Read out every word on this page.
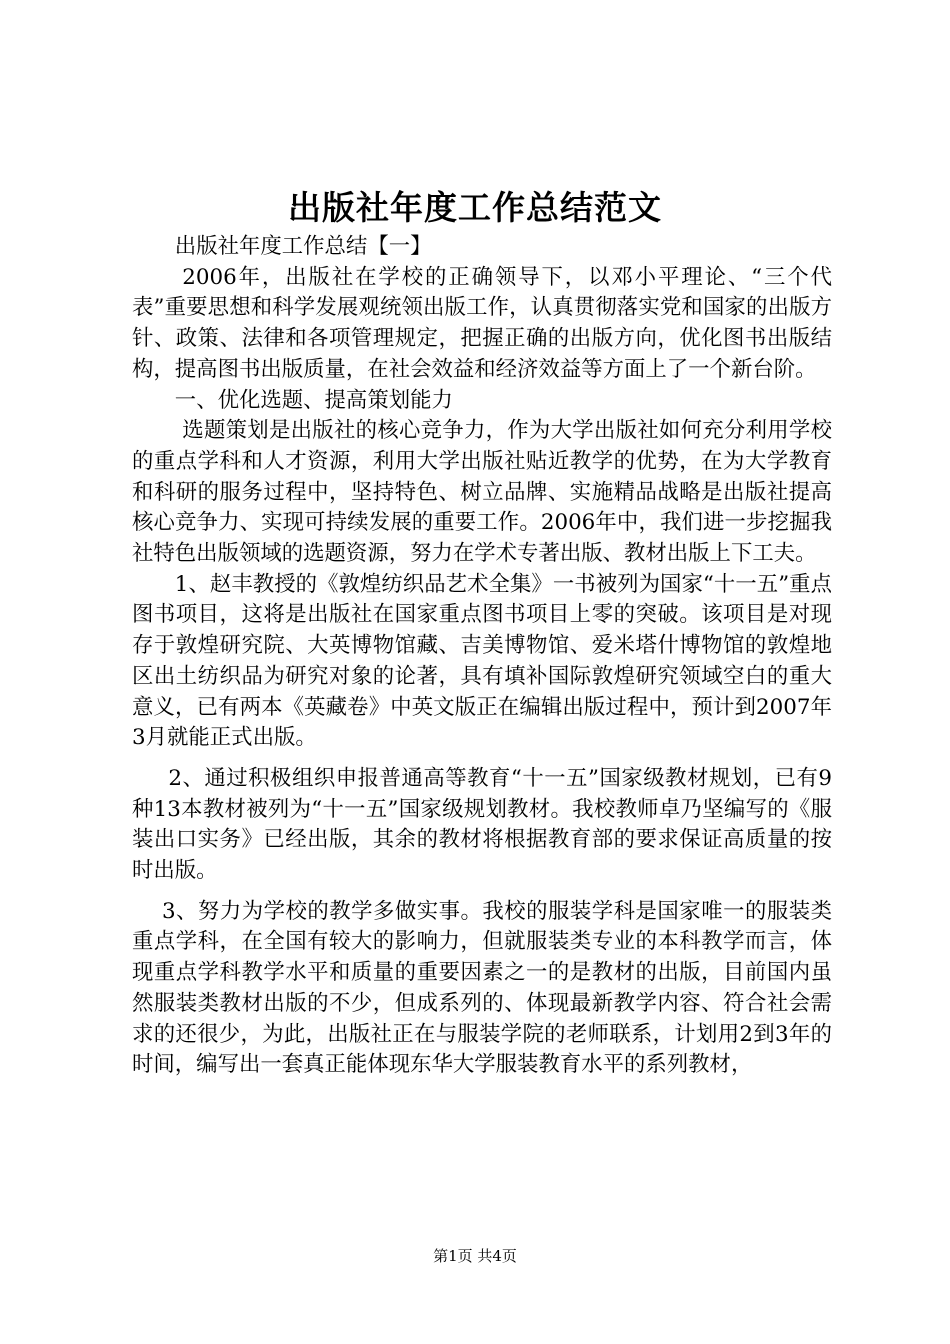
出版社年度工作总结范文

出版社年度工作总结【一】

2006年，出版社在学校的正确领导下，以邓小平理论、“三个代表”重要思想和科学发展观统领出版工作，认真贯彻落实党和国家的出版方针、政策、法律和各项管理规定，把握正确的出版方向，优化图书出版结构，提高图书出版质量，在社会效益和经济效益等方面上了一个新台阶。

一、优化选题、提高策划能力

选题策划是出版社的核心竞争力，作为大学出版社如何充分利用学校的重点学科和人才资源，利用大学出版社贴近教学的优势，在为大学教育和科研的服务过程中，坚持特色、树立品牌、实施精品战略是出版社提高核心竞争力、实现可持续发展的重要工作。2006年中，我们进一步挖掘我社特色出版领域的选题资源，努力在学术专著出版、教材出版上下工夫。

1、赵丰教授的《敦煌纺织品艺术全集》一书被列为国家“十一五”重点图书项目，这将是出版社在国家重点图书项目上零的突破。该项目是对现存于敦煌研究院、大英博物馆藏、吉美博物馆、爱米塔什博物馆的敦煌地区出土纺织品为研究对象的论著，具有填补国际敦煌研究领域空白的重大意义，已有两本《英藏卷》中英文版正在编辑出版过程中，预计到2007年3月就能正式出版。

2、通过积极组织申报普通高等教育“十一五”国家级教材规划，已有9种13本教材被列为“十一五”国家级规划教材。我校教师卓乃坚编写的《服装出口实务》已经出版，其余的教材将根据教育部的要求保证高质量的按时出版。

3、努力为学校的教学多做实事。我校的服装学科是国家唯一的服装类重点学科，在全国有较大的影响力，但就服装类专业的本科教学而言，体现重点学科教学水平和质量的重要因素之一的是教材的出版，目前国内虽然服装类教材出版的不少，但成系列的、体现最新教学内容、符合社会需求的还很少，为此，出版社正在与服装学院的老师联系，计划用2到3年的时间，编写出一套真正能体现东华大学服装教育水平的系列教材，

第1页 共4页
